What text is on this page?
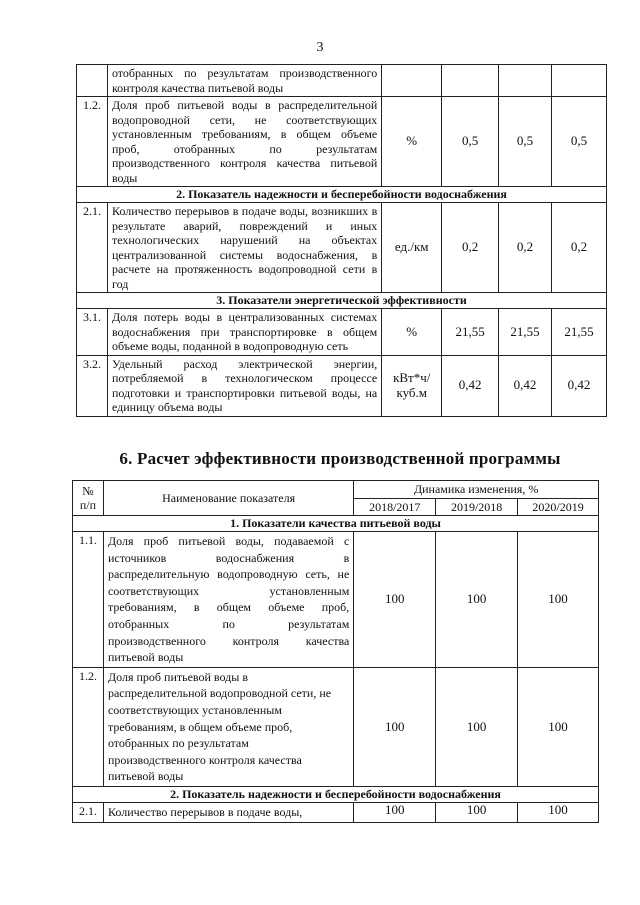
3
	отобранных по результатам производственного контроля качества питьевой воды				
1.2.	Доля проб питьевой воды в распределительной водопроводной сети, не соответствующих установленным требованиям, в общем объеме проб, отобранных по результатам производственного контроля качества питьевой воды	%	0,5	0,5	0,5
2. Показатель надежности и бесперебойности водоснабжения					
2.1.	Количество перерывов в подаче воды, возникших в результате аварий, повреждений и иных технологических нарушений на объектах централизованной системы водоснабжения, в расчете на протяженность водопроводной сети в год	ед./км	0,2	0,2	0,2
3. Показатели энергетической эффективности					
3.1.	Доля потерь воды в централизованных системах водоснабжения при транспортировке в общем объеме воды, поданной в водопроводную сеть	%	21,55	21,55	21,55
3.2.	Удельный расход электрической энергии, потребляемой в технологическом процессе подготовки и транспортировки питьевой воды, на единицу объема воды	кВт*ч/ куб.м	0,42	0,42	0,42
6. Расчет эффективности производственной программы
№ п/п	Наименование показателя	Динамика изменения, %		
		2018/2017	2019/2018	2020/2019
1. Показатели качества питьевой воды				
1.1.	Доля проб питьевой воды, подаваемой с источников водоснабжения в распределительную водопроводную сеть, не соответствующих установленным требованиям, в общем объеме проб, отобранных по результатам производственного контроля качества питьевой воды	100	100	100
1.2.	Доля проб питьевой воды в распределительной водопроводной сети, не соответствующих установленным требованиям, в общем объеме проб, отобранных по результатам производственного контроля качества питьевой воды	100	100	100
2. Показатель надежности и бесперебойности водоснабжения				
2.1.	Количество перерывов в подаче воды,	100	100	100
